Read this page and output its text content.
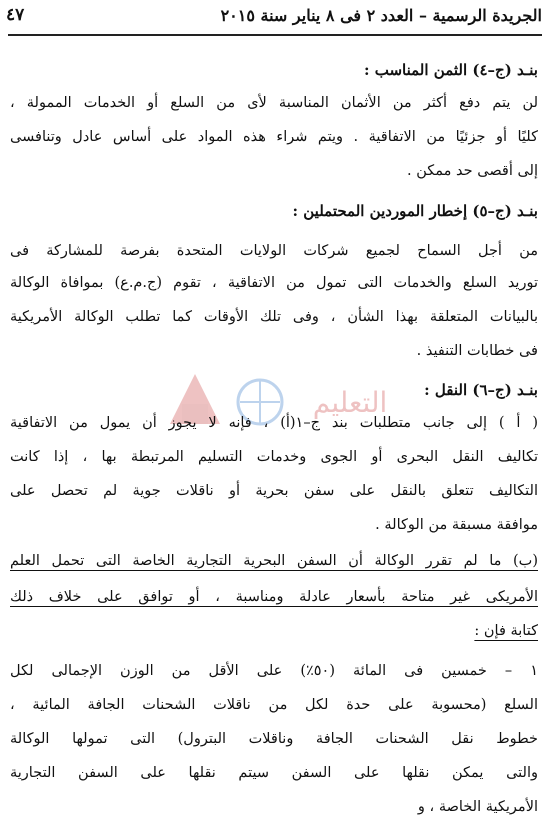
الجريدة الرسمية – العدد ٢ فى ٨ يناير سنة ٢٠١٥
٤٧
التعليم
بنـد (ج–٤) الثمن المناسب :
لن يتم دفع أكثر من الأثمان المناسبة لأى من السلع أو الخدمات الممولة ،
كليًا أو جزئيًا من الاتفاقية . ويتم شراء هذه المواد على أساس عادل وتنافسى
إلى أقصى حد ممكن .
بنـد (ج–٥) إخطار الموردين المحتملين :
من أجل السماح لجميع شركات الولايات المتحدة بفرصة للمشاركة فى
توريد السلع والخدمات التى تمول من الاتفاقية ، تقوم (ج.م.ع) بموافاة الوكالة
بالبيانات المتعلقة بهذا الشأن ، وفى تلك الأوقات كما تطلب الوكالة الأمريكية
فى خطابات التنفيذ .
بنـد (ج–٦) النقل :
( أ ) إلى جانب متطلبات بند ج–١(أ) ، فإنه لا يجوز أن يمول من الاتفاقية
تكاليف النقل البحرى أو الجوى وخدمات التسليم المرتبطة بها ، إذا كانت
التكاليف تتعلق بالنقل على سفن بحرية أو ناقلات جوية لم تحصل على
موافقة مسبقة من الوكالة .
(ب) ما لم تقرر الوكالة أن السفن البحرية التجارية الخاصة التى تحمل العلم
الأمريكى غير متاحة بأسعار عادلة ومناسبة ، أو توافق على خلاف ذلك
كتابة فإن :
١ – خمسين فى المائة (٥٠٪) على الأقل من الوزن الإجمالى لكل
السلع (محسوبة على حدة لكل من ناقلات الشحنات الجافة المائية ،
خطوط نقل الشحنات الجافة وناقلات البترول) التى تمولها الوكالة
والتى يمكن نقلها على السفن سيتم نقلها على السفن التجارية
الأمريكية الخاصة ، و
